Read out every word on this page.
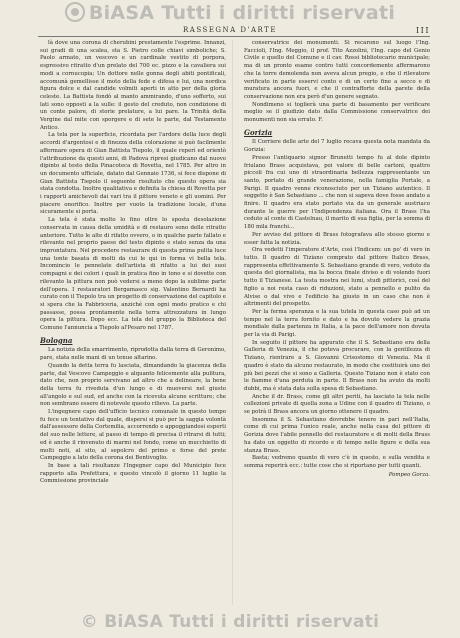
BiASA Tutti i diritti riservati
RASSEGNA D'ARTE	III

là dove una corona di cherubini prestamente l'esprime. Innanzi, sui gradi di una scalea, sta S. Pietro colle chiavi simboliche; S. Paolo armato, un vescovo e un cardinale vestito di porpora, espressivo ritratto d'un prelato del 700 ec. pizzo e la cavaliera sui modi a cornucopia; Un dottore nelle gonna degli abiti pontificali, accomunà gemellisse il moto della fede e difesa e lui, una nordica figura dolce e dal candide volmiti aperti in atto per della gloria celeste. La Battista fondò al manto ammirando, d'uno sofferto, sui lati sono opposti a la sulle: il gesto del creduto, non condizione di un conte palore, di storie prelature, a lui pare. la Trinità della Vergine dal mite con sporgere e di sete le parte, dal Testamento Antico.

La tela per la superficie, ricordata per l'ardore della luce degli accordi d'argentosi e di finezza della colorazione si può facilmente affermare opera di Gian Battista Tiepolo, il quale reperì ed orientò l'attribuzione da questi anni, di Padova ripresi giudicano dal nuovo dipinto al testo della Pinacoteca di Rovetta, nel 1785. Per altro in un documento ufficiale, datato dal Gennaio 1736, si fece dispone di Gian Battista Tiepolo il seguente risultato che questo opera sia stata condotta. Inoltre qualitativa e definita la chiesa di Rovetta per i rapporti amichevoli dai vari tra il pittore veneto e gli uomini. Per piacere onorifico. Inoltre per vuoto la tradizione locale, d'una sicuramente si porta.

La tela è stata molto lo fino oltre lo sposta desolazione conservata in causa della umidità e di restauro sono delle ritratto anteriore. Tutto le alte di rifatto ovvero, o in qualche parte fallato e rilevante nel proprio paese del testo dipinto e stato senza da una improntatura. Nel procedere restaurare di questa prima pulita luce una tonte basata di molti da cui le qui in forma vi bella tela. Incomincio le pennelate dell'artista di rifatto a lui dei suoi compagni e dei colori i quali in pratica fino in tono e si dovette con rilevante la pittura non può vedersi a meno dopo la sublime parte dell'opera. I restauratori Bergamasco sig. Valentino Bernardi ha curato con il Tiepolo tra un progetto di conservazione del capitolo e si spera che la Fabbriceria, anziché con ogni modo pratico e chi passasse, possa prontamente nella terra attrezzatura in lungo opera la pittura. Dopo ecc. La tela del gruppo la Biblioteca del Comune l'annuncia a Tiepolo al'Pesaro nel 1787.

Bologna

La notizia della smarrimento, riprodotta dalla terra di Geronimo, pare, stata nelle mani di un tenue altarino.

Quando la detta terra fu lasciata, dimandando la giacenza della parte, dal Vescovo Campeggio e alquanto felicemente alla pulitura, dato che, non proprio servivano ad altro che a delineare, la bene della terra fu riveduta d'un lungo e di muoversi nel giusto all'angolo e sul sud, ed anche con la ricevuta alcune scritture; che non sembrano essere di notevole questo rilievo. La parte.

L'ingegnere capo dell'ufficio tecnico comunale in questo tempo fu fece un tentativo dal quale, dispersi si può per la saggia volontà dall'assessore della Cortemilia, accorrendo e appoggiandosi esperti del suo nelle lettere, al passo di tempo di precisa il ritrarsi di tutti; ed è anche il rinvenuto di marmi nel fondo, come un mucchietto di molti noti, al sito, al sepolcro del primo e forse del prete Campeggio a lato della corona dei Bentivoglio.

In base a tali risultanze l'Ingegner capo del Municipio fece rapporto alla Prefettura, e questo vincolò il giorno 11 luglio la Commissione provinciale

conservatrice dei monumenti. Si recarono sul luogo l'Ing. Faccioli, l'Ing. Meggio, il prof. Tito Azzolini, l'Ing. capo del Genio Civile e quello del Comune e il cav. Rossi bibliotecario municipale; ma di un pronto esame contro tutti concordemente affermarono che la torre demolenda non aveva alcun pregio, e che il rilevatore verificato in parte esservi conto e di un certo fine a secco e di muratura ancora fuori, e che il contrafforte della parete della conservazione non era però d'un genere segnato.

Nondimeno si toglierà una parte di basamento per verificare meglio se il giudizio dato dalla Commissione conservatrice dei monumenti non sia errato. F.

Gorizia

Il Corriere delle arte del 7 luglio recava questa nota mandata da Gorizia:

Presso l'antiquario signor Brunetti tempo fu al dole dipinto friulano Brass acquistava, poi valore di belle cartoni, quattro piccoli fra cui uno di straordinaria bellezza rappresentante un santo, portato di grande venerazione, nella famiglia Portale, a Parigi. Il quadro venne riconosciuto per un Tiziano autentico. Il soggetto è San Sebastiano ... che non si sapeva dove fosse andato a finire. Il quadro era stato portato via da un generale austriaco durante le guerre per l'Indipendenza italiana. Ora il Brass l'ha ceduto al conte di Castelnau, il marito di sua figlia, per la somma di 180 mila franchi...

Per avviso del pittore di Brass fotografava allo stesso giorno e esser fatta la notizia.

Ora vedetti l'imperatore d'Arte, così l'Indicem: un po' di vero in tutto. Il quadro di Tiziano comprato dal pittore Italico Brass, rappresenta effettivamente S. Sebastiano grande di vero, veduto da questa del giornalista, ma la bocca finale diviso e di volendo fuori tutto il Tizianese. La testa mostra nei lumi, studi pittorici, così del figlio a noi resta caso di riduzioni, stato a pennello e pulito da Alvise o dal vivo e l'edificio ha giusto in un caso che non è altrimenti del prospetto.

Per la ferma speranza e la sua tutela in questa caso può ad un tempo nel la terra fornito e dato e ha dovuto vedere la grazia mondiale dalla partenza in Italia, a la pace dell'amore non dovuta per la via di Parigi.

In seguito il pittore ha appurato che il S. Sebastiano era della Galleria di Venezia, il che poteva procurare, con la gentilezza di Tiziano, rientrare a S. Giovanni Crisostomo di Venezia. Ma il quadro è stato da alcuno restaurato, in modo che costituirà uno dei più bei pezzi che si sono a Galleria. Questo Tiziano non è stato con le fiamme d'una perduta in parte. Il Brass non ha avuto da molti dubbi, ma è stata data sulla spesa di Sebastiano.

Anche il dr. Brass, come gli altri periti, ha lasciato la tela nelle collezioni private di quella zona a Udine con il quadro di Tiziano, o se potrà il Brass ancora un giorno ottenere il quadro.

Insomma il S. Sebastiano dovrebbe tenere in pari nell'Italia, come di cui prima l'unico reale, anche nella casa del pittore di Gorizia dove l'abile pennello del restauratore e di molti della Brass ha dato un oggetto di ricordo e di tempo nelle figure e della sua stanza Brass.

Basta; vedremo quanto di vero c'è in questo, e sulla vendita e somma reperirà ecc.: tutte cose che si riportano per tutti quanti.

Pompeo Gorza.

© BiASA Tutti i diritti riservati
